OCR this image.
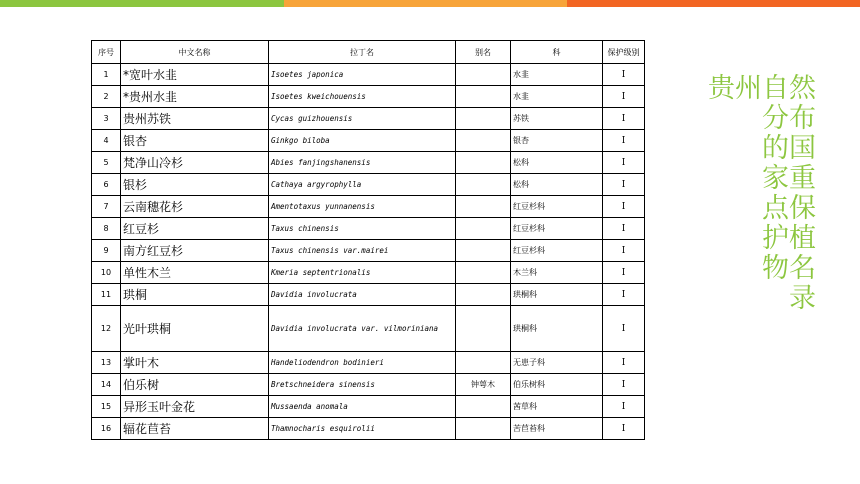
序号	中文名称	拉丁名	别名	科	保护级别
1	*宽叶水韭	Isoetes japonica		水韭	I
2	*贵州水韭	Isoetes kweichouensis		水韭	I
3	贵州苏铁	Cycas guizhouensis		苏铁	I
4	银杏	Ginkgo biloba		银杏	I
5	梵净山冷杉	Abies fanjingshanensis		松科	I
6	银杉	Cathaya argyrophylla		松科	I
7	云南穗花杉	Amentotaxus yunnanensis		红豆杉科	I
8	红豆杉	Taxus chinensis		红豆杉科	I
9	南方红豆杉	Taxus chinensis var.mairei		红豆杉科	I
10	单性木兰	Kmeria septentrionalis		木兰科	I
11	珙桐	Davidia involucrata		珙桐科	I
12	光叶珙桐	Davidia involucrata var. vilmoriniana		珙桐科	I
13	掌叶木	Handeliodendron bodinieri		无患子科	I
14	伯乐树	Bretschneidera sinensis	钟萼木	伯乐树科	I
15	异形玉叶金花	Mussaenda anomala		茜草科	I
16	辐花苣苔	Thamnocharis esquirolii		苦苣苔科	I
贵州自然
分布
的国
家重
点保
护植
物名
录
